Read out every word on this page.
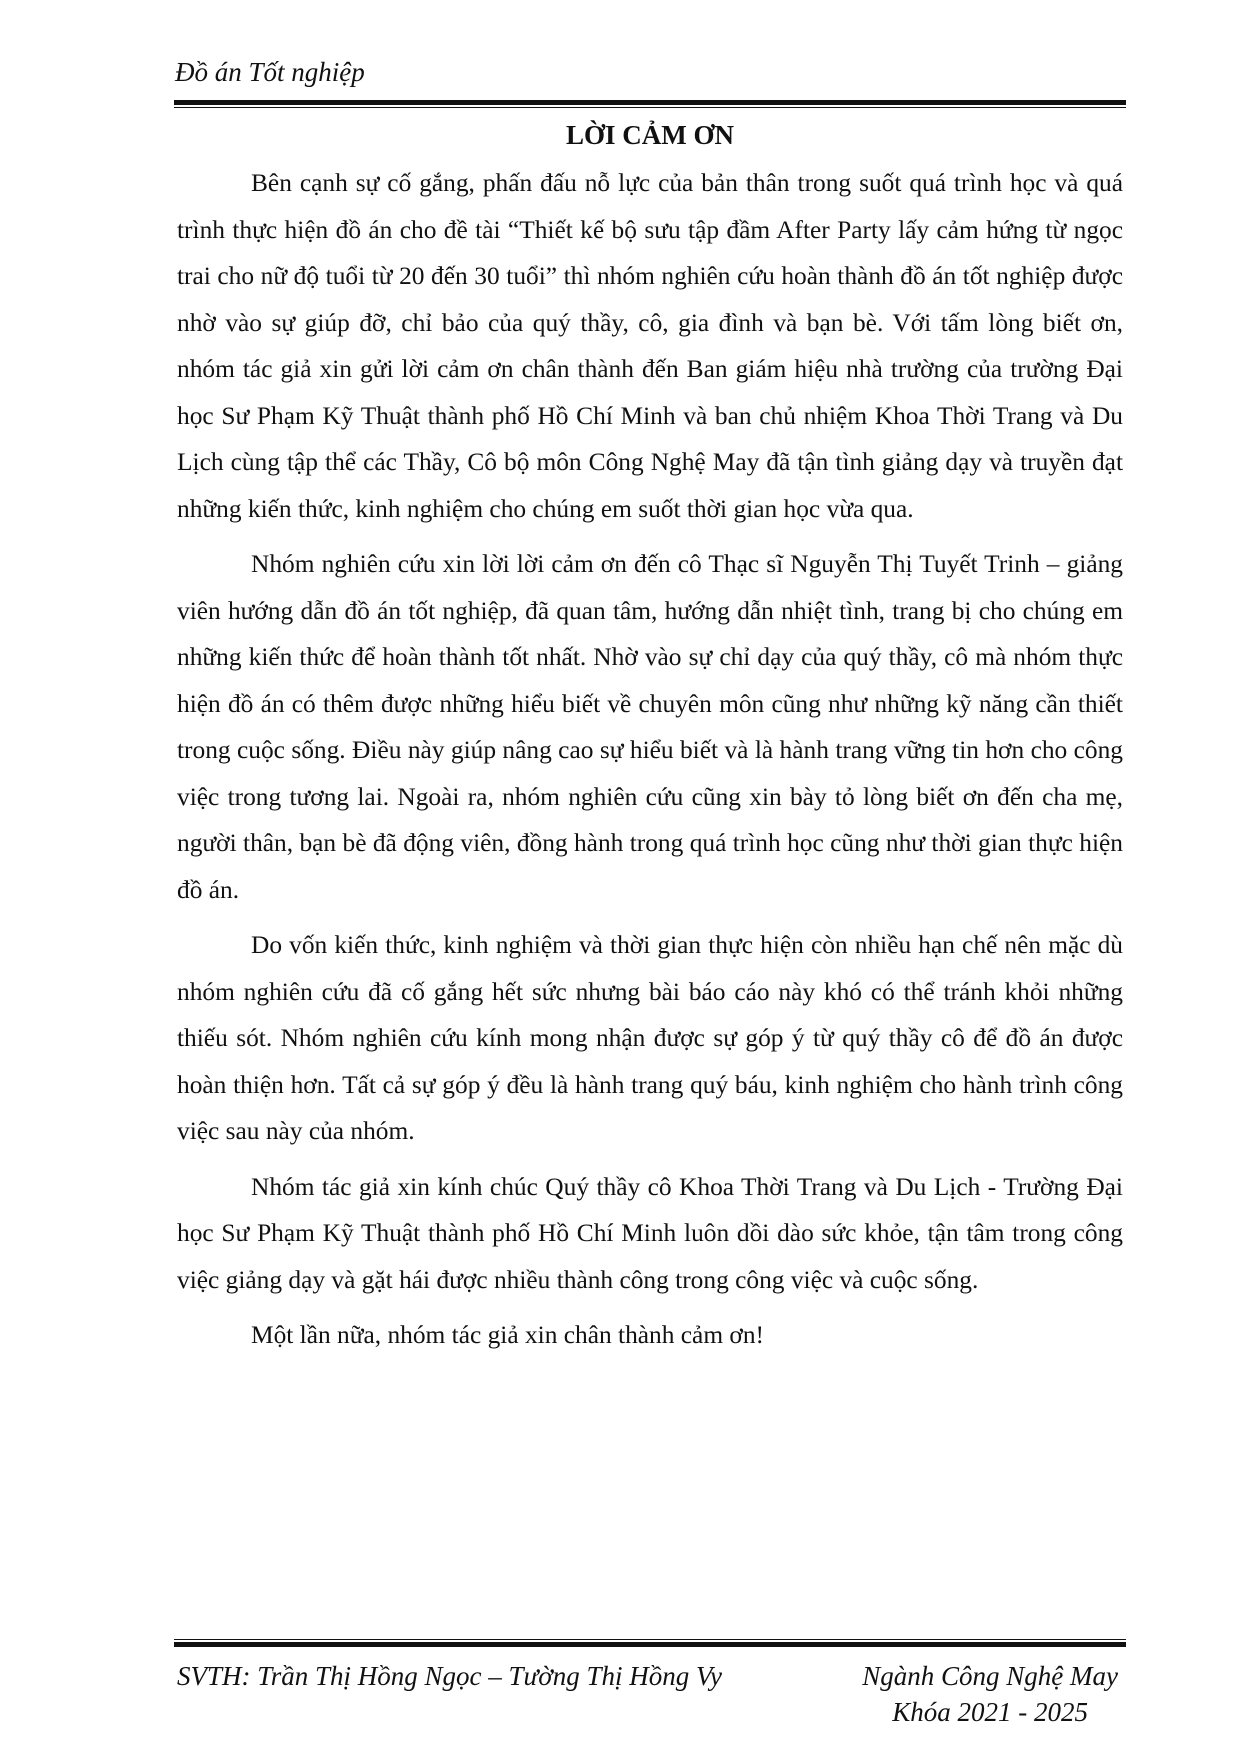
Đồ án Tốt nghiệp
LỜI CẢM ƠN

Bên cạnh sự cố gắng, phấn đấu nỗ lực của bản thân trong suốt quá trình học và quá trình thực hiện đồ án cho đề tài “Thiết kế bộ sưu tập đầm After Party lấy cảm hứng từ ngọc trai cho nữ độ tuổi từ 20 đến 30 tuổi” thì nhóm nghiên cứu hoàn thành đồ án tốt nghiệp được nhờ vào sự giúp đỡ, chỉ bảo của quý thầy, cô, gia đình và bạn bè. Với tấm lòng biết ơn, nhóm tác giả xin gửi lời cảm ơn chân thành đến Ban giám hiệu nhà trường của trường Đại học Sư Phạm Kỹ Thuật thành phố Hồ Chí Minh và ban chủ nhiệm Khoa Thời Trang và Du Lịch cùng tập thể các Thầy, Cô bộ môn Công Nghệ May đã tận tình giảng dạy và truyền đạt những kiến thức, kinh nghiệm cho chúng em suốt thời gian học vừa qua.

Nhóm nghiên cứu xin lời lời cảm ơn đến cô Thạc sĩ Nguyễn Thị Tuyết Trinh – giảng viên hướng dẫn đồ án tốt nghiệp, đã quan tâm, hướng dẫn nhiệt tình, trang bị cho chúng em những kiến thức để hoàn thành tốt nhất. Nhờ vào sự chỉ dạy của quý thầy, cô mà nhóm thực hiện đồ án có thêm được những hiểu biết về chuyên môn cũng như những kỹ năng cần thiết trong cuộc sống. Điều này giúp nâng cao sự hiểu biết và là hành trang vững tin hơn cho công việc trong tương lai. Ngoài ra, nhóm nghiên cứu cũng xin bày tỏ lòng biết ơn đến cha mẹ, người thân, bạn bè đã động viên, đồng hành trong quá trình học cũng như thời gian thực hiện đồ án.

Do vốn kiến thức, kinh nghiệm và thời gian thực hiện còn nhiều hạn chế nên mặc dù nhóm nghiên cứu đã cố gắng hết sức nhưng bài báo cáo này khó có thể tránh khỏi những thiếu sót. Nhóm nghiên cứu kính mong nhận được sự góp ý từ quý thầy cô để đồ án được hoàn thiện hơn. Tất cả sự góp ý đều là hành trang quý báu, kinh nghiệm cho hành trình công việc sau này của nhóm.

Nhóm tác giả xin kính chúc Quý thầy cô Khoa Thời Trang và Du Lịch - Trường Đại học Sư Phạm Kỹ Thuật thành phố Hồ Chí Minh luôn dồi dào sức khỏe, tận tâm trong công việc giảng dạy và gặt hái được nhiều thành công trong công việc và cuộc sống.

Một lần nữa, nhóm tác giả xin chân thành cảm ơn!

SVTH: Trần Thị Hồng Ngọc – Tường Thị Hồng Vy	Ngành Công Nghệ May
Khóa 2021 - 2025
